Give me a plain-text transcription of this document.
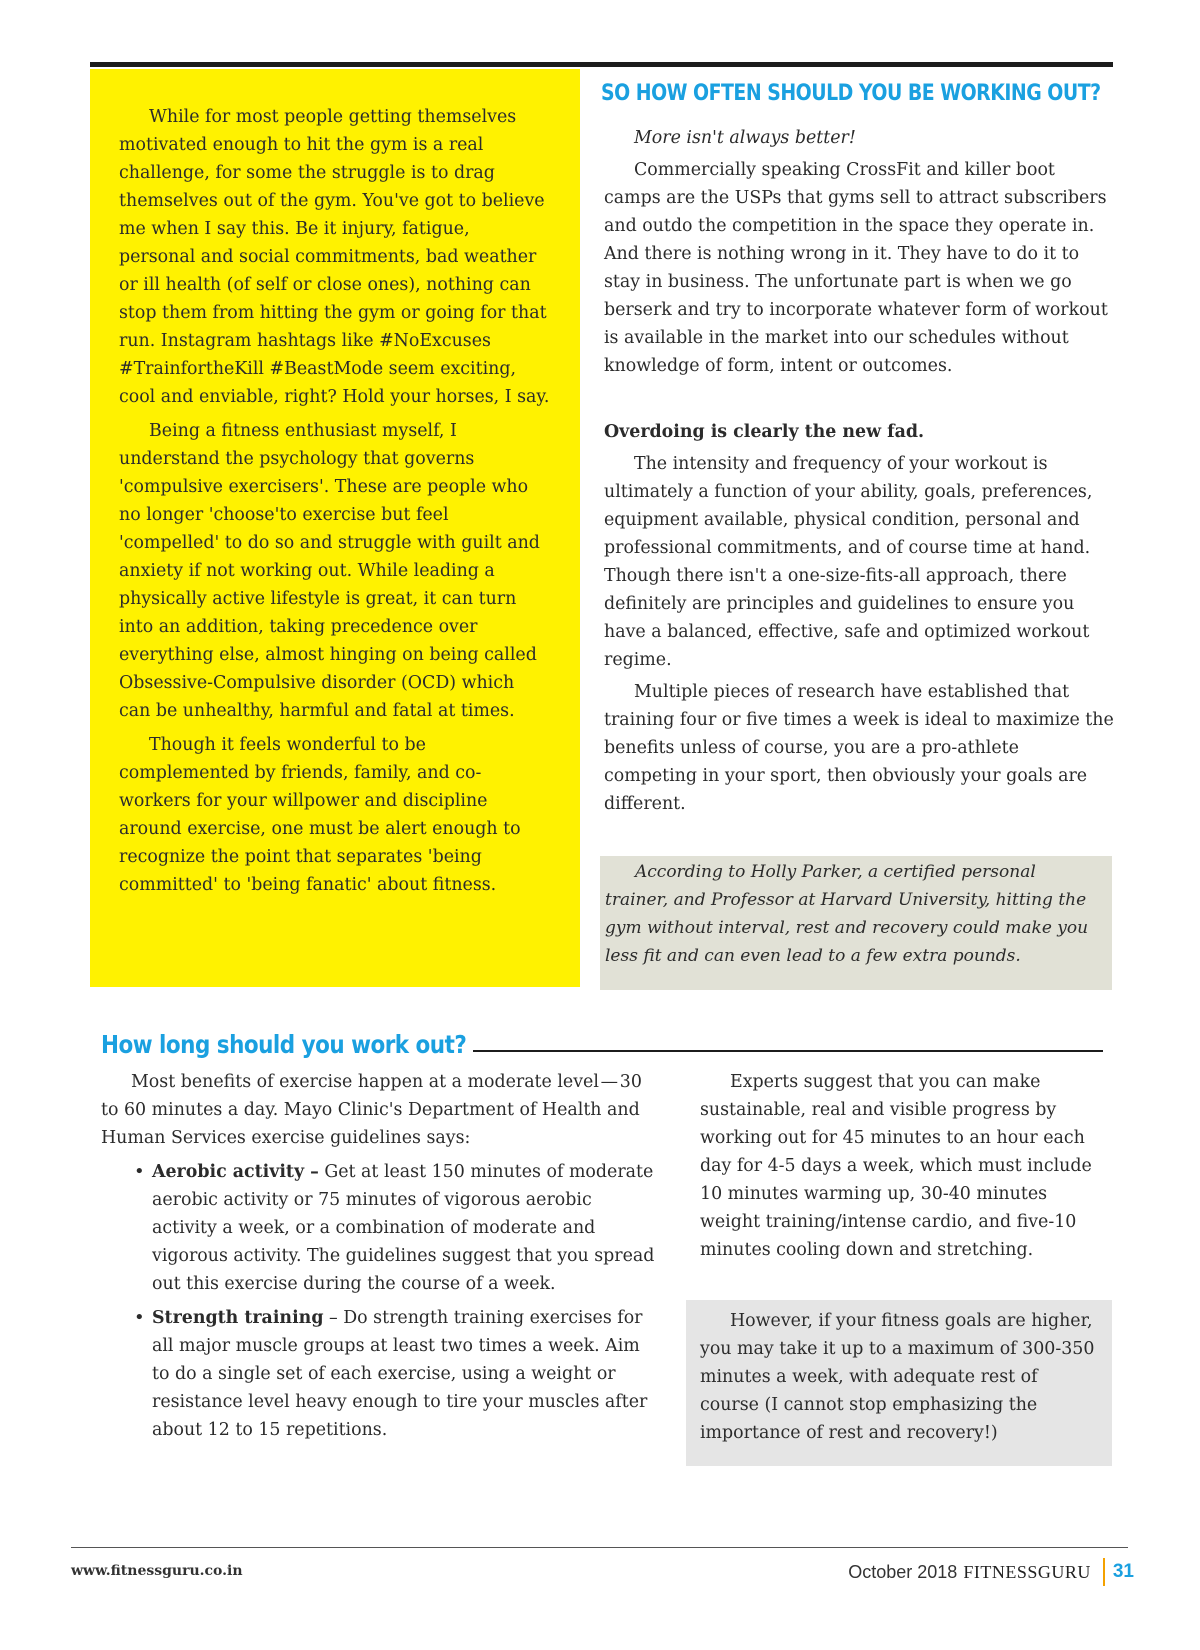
While for most people getting themselves motivated enough to hit the gym is a real challenge, for some the struggle is to drag themselves out of the gym. You've got to believe me when I say this. Be it injury, fatigue, personal and social commitments, bad weather or ill health (of self or close ones), nothing can stop them from hitting the gym or going for that run. Instagram hashtags like #NoExcuses #TrainfortheKill #BeastMode seem exciting, cool and enviable, right? Hold your horses, I say.

Being a fitness enthusiast myself, I understand the psychology that governs 'compulsive exercisers'. These are people who no longer 'choose'to exercise but feel 'compelled' to do so and struggle with guilt and anxiety if not working out. While leading a physically active lifestyle is great, it can turn into an addition, taking precedence over everything else, almost hinging on being called Obsessive-Compulsive disorder (OCD) which can be unhealthy, harmful and fatal at times.

Though it feels wonderful to be complemented by friends, family, and co-workers for your willpower and discipline around exercise, one must be alert enough to recognize the point that separates 'being committed' to 'being fanatic' about fitness.

SO HOW OFTEN SHOULD YOU BE WORKING OUT?

More isn't always better!

Commercially speaking CrossFit and killer boot camps are the USPs that gyms sell to attract subscribers and outdo the competition in the space they operate in. And there is nothing wrong in it. They have to do it to stay in business. The unfortunate part is when we go berserk and try to incorporate whatever form of workout is available in the market into our schedules without knowledge of form, intent or outcomes.

Overdoing is clearly the new fad.

The intensity and frequency of your workout is ultimately a function of your ability, goals, preferences, equipment available, physical condition, personal and professional commitments, and of course time at hand. Though there isn't a one-size-fits-all approach, there definitely are principles and guidelines to ensure you have a balanced, effective, safe and optimized workout regime.

Multiple pieces of research have established that training four or five times a week is ideal to maximize the benefits unless of course, you are a pro-athlete competing in your sport, then obviously your goals are different.

According to Holly Parker, a certified personal trainer, and Professor at Harvard University, hitting the gym without interval, rest and recovery could make you less fit and can even lead to a few extra pounds.

How long should you work out?

Most benefits of exercise happen at a moderate level — 30 to 60 minutes a day. Mayo Clinic's Department of Health and Human Services exercise guidelines says:

• Aerobic activity – Get at least 150 minutes of moderate aerobic activity or 75 minutes of vigorous aerobic activity a week, or a combination of moderate and vigorous activity. The guidelines suggest that you spread out this exercise during the course of a week.
• Strength training – Do strength training exercises for all major muscle groups at least two times a week. Aim to do a single set of each exercise, using a weight or resistance level heavy enough to tire your muscles after about 12 to 15 repetitions.

Experts suggest that you can make sustainable, real and visible progress by working out for 45 minutes to an hour each day for 4-5 days a week, which must include 10 minutes warming up, 30-40 minutes weight training/intense cardio, and five-10 minutes cooling down and stretching.

However, if your fitness goals are higher, you may take it up to a maximum of 300-350 minutes a week, with adequate rest of course (I cannot stop emphasizing the importance of rest and recovery!)

www.fitnessguru.co.in	October 2018 FITNESSGURU 31
